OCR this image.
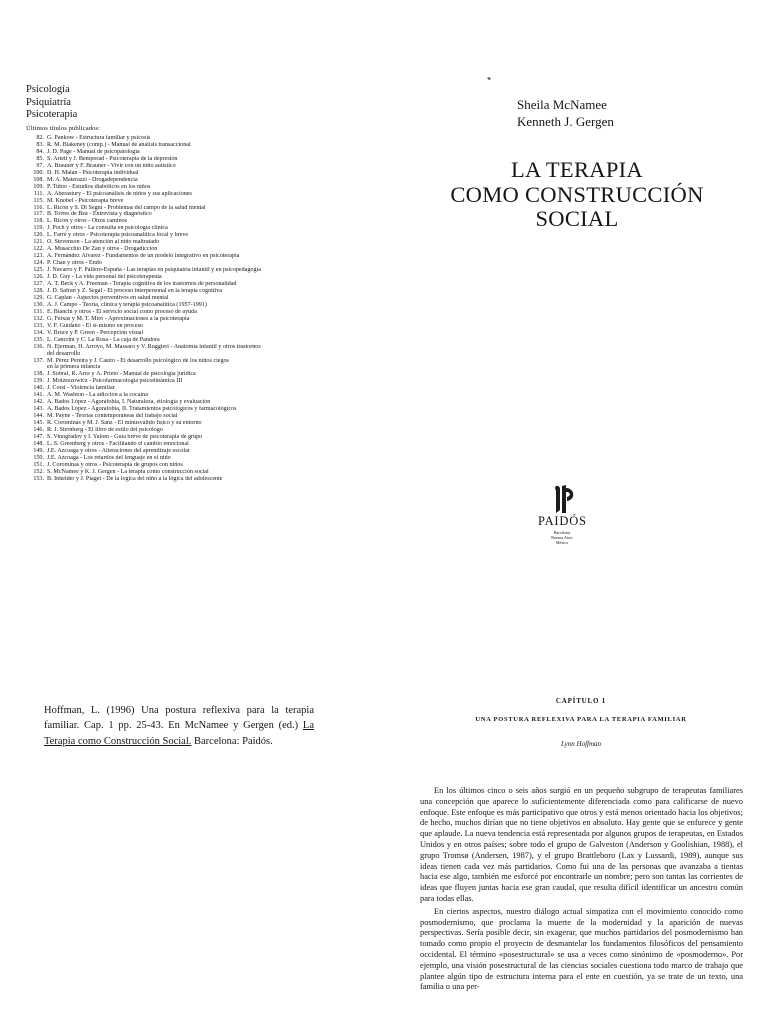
Psicología
Psiquiatría
Psicoterapia
Últimos títulos publicados:
82. G. Pankow - Estructura familiar y psicosis
83. R. M. Blakeney (comp.) - Manual de análisis transaccional
84. J. D. Page - Manual de psicopatología
85. S. Arieti y J. Bemporad - Psicoterapia de la depresión
97. A. Brauner y F. Brauner - Vivir con un niño autístico
100. D. H. Malan - Psicoterapia individual
108. M. A. Materazzi - Drogadependencia
109. P. Tubío - Estudios diabólicos en los niños
111. A. Aberastury - El psicoanálisis de niños y sus aplicaciones
115. M. Knobel - Psicoterapia breve
116. L. Ricón y S. Di Segni - Problemas del campo de la salud mental
117. B. Torres de Beà - Entrevista y diagnóstico
118. L. Ricón y otros - Otros caminos
119. J. Poch y otros - La consulta en psicología clínica
120. L. Farré y otros - Psicoterapia psicoanalítica focal y breve
121. O. Stevenson - La atención al niño maltratado
122. A. Musacchio De Zan y otros - Drogadicción
123. A. Fernández Álvarez - Fundamentos de un modelo integrativo en psicoterapia
124. P. Chan y otros - Endo
125. J. Navarro y F. Pállero-Espuña - Las terapias en psiquiatría infantil y en psicopedagogía
126. J. D. Guy - La vida personal del psicoterapeuta
127. A. T. Beck y A. Freeman - Terapia cognitiva de los trastornos de personalidad
128. J. D. Safran y Z. Segal - El proceso interpersonal en la terapia cognitiva
129. G. Caplan - Aspectos preventivos en salud mental
130. A. J. Campo - Teoría, clínica y terapia psicoanalítica (1957-1991)
131. E. Bianchi y otros - El servicio social como proceso de ayuda
132. G. Feixas y M. T. Miró - Aproximaciones a la psicoterapia
133. V. F. Guidano - El sí-mismo en proceso
134. V. Bruce y P. Green - Percepción visual
135. L. Cancrini y C. La Rosa - La caja de Pandora
136. N. Ejerman, H. Arroyo, M. Massaro y V. Ruggieri - Anatomía infantil y otros trastornos
del desarrollo
137. M. Pérez Pereira y J. Castro - El desarrollo psicológico de los niños ciegos
en la primera infancia
138. J. Sobral, R. Arce y Á. Prieto - Manual de psicología jurídica
139. J. Moizeszowicz - Psicofarmacología psicodinámica III
140. J. Corsi - Violencia familiar
141. A. M. Washton - La adicción a la cocaína
142. A. Bados López - Agorafobia, I. Naturaleza, etiología y evaluación
143. A. Bados López - Agorafobia, II. Tratamientos psicológicos y farmacológicos
144. M. Payne - Teorías contemporáneas del trabajo social
145. R. Corominas y M. J. Sanz - El minusválido físico y su entorno
146. R. J. Sternberg - El libro de estilo del psicólogo
147. S. Vinogradov y I. Yalom - Guía breve de psicoterapia de grupo
148. L. S. Greenberg y otros - Facilitando el cambio emocional
149. J.E. Azcoaga y otros - Alteraciones del aprendizaje escolar
150. J.E. Azcoaga - Los retardos del lenguaje en el niño
151. J. Corominas y otros - Psicoterapia de grupos con niños
152. S. McNamee y K. J. Gergen - La terapia como construcción social
153. B. Inhelder y J. Piaget - De la lógica del niño a la lógica del adolescente
Sheila McNamee
Kenneth J. Gergen
LA TERAPIA
COMO CONSTRUCCIÓN
SOCIAL
PAIDÓS
Barcelona
Buenos Aires
México
Hoffman, L. (1996) Una postura reflexiva para la terapia familiar. Cap. 1 pp. 25-43. En McNamee y Gergen (ed.) La Terapia como Construcción Social. Barcelona: Paidós.
CAPÍTULO 1
UNA POSTURA REFLEXIVA PARA LA TERAPIA FAMILIAR
Lynn Hoffman

En los últimos cinco o seis años surgió en un pequeño subgrupo de terapeutas familiares una concepción que aparece lo suficientemente diferenciada como para calificarse de nuevo enfoque. Este enfoque es más participativo que otros y está menos orientado hacia los objetivos; de hecho, muchos dirían que no tiene objetivos en absoluto. Hay gente que se enfurece y gente que aplaude. La nueva tendencia está representada por algunos grupos de terapeutas, en Estados Unidos y en otros países; sobre todo el grupo de Galveston (Anderson y Goolishian, 1988), el grupo Tromsø (Andersen, 1987), y el grupo Brattleboro (Lax y Lussardi, 1989), aunque sus ideas tienen cada vez más partidarios. Como fui una de las personas que avanzaba a tientas hacia ese algo, también me esforcé por encontrarle un nombre; pero son tantas las corrientes de ideas que fluyen juntas hacia ese gran caudal, que resulta difícil identificar un ancestro común para todas ellas.

En ciertos aspectos, nuestro diálogo actual simpatiza con el movimiento conocido como posmodernismo, que proclama la muerte de la modernidad y la aparición de nuevas perspectivas. Sería posible decir, sin exagerar, que muchos partidarios del posmodernismo han tomado como propio el proyecto de desmantelar los fundamentos filosóficos del pensamiento occidental. El término «posestructural» se usa a veces como sinónimo de «posmoderno». Por ejemplo, una visión posestructural de las ciencias sociales cuestiona todo marco de trabajo que plantee algún tipo de estructura interna para el ente en cuestión, ya se trate de un texto, una familia o una per-
